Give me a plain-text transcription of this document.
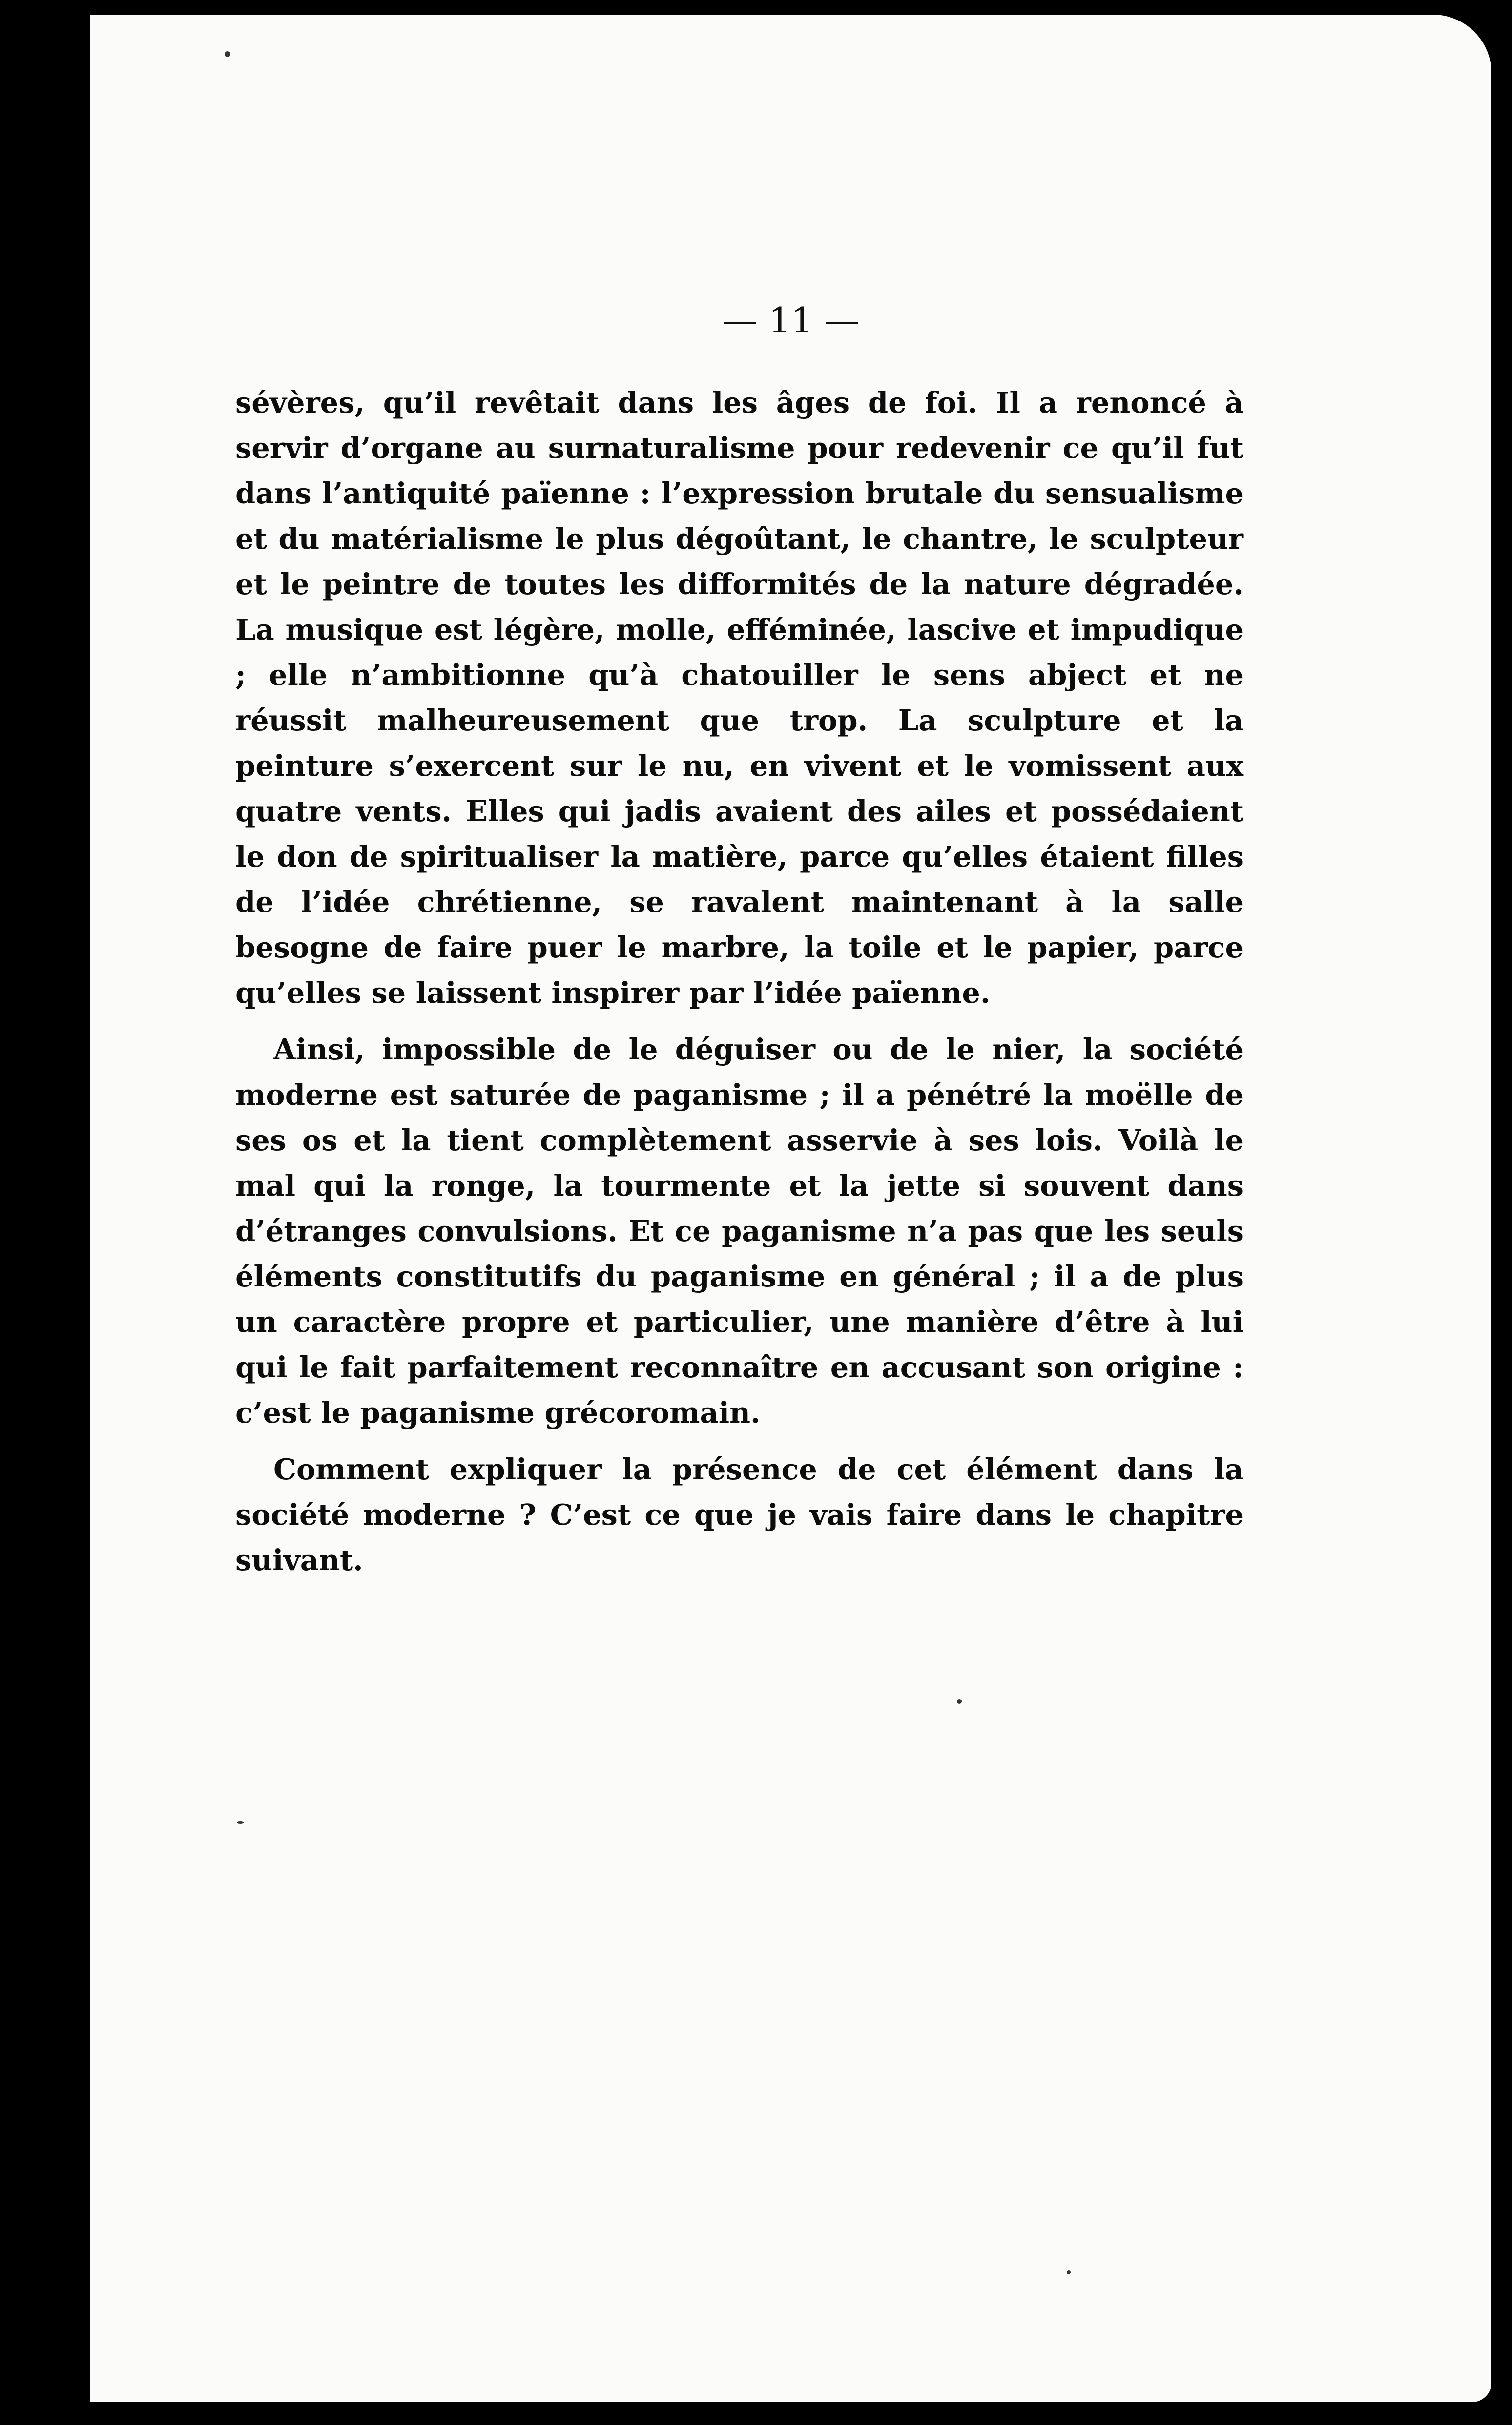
— 11 —

sévères, qu’il revêtait dans les âges de foi. Il a renoncé à servir d’organe au surnaturalisme pour redevenir ce qu’il fut dans l’antiquité païenne : l’expression brutale du sensualisme et du matérialisme le plus dégoûtant, le chantre, le sculpteur et le peintre de toutes les difformités de la nature dégradée. La musique est légère, molle, efféminée, lascive et impudique ; elle n’ambitionne qu’à chatouiller le sens abject et ne réussit malheureusement que trop. La sculpture et la peinture s’exercent sur le nu, en vivent et le vomissent aux quatre vents. Elles qui jadis avaient des ailes et possédaient le don de spiritualiser la matière, parce qu’elles étaient filles de l’idée chrétienne, se ravalent maintenant à la salle besogne de faire puer le marbre, la toile et le papier, parce qu’elles se laissent inspirer par l’idée païenne.

Ainsi, impossible de le déguiser ou de le nier, la société moderne est saturée de paganisme ; il a pénétré la moëlle de ses os et la tient complètement asservie à ses lois. Voilà le mal qui la ronge, la tourmente et la jette si souvent dans d’étranges convulsions. Et ce paganisme n’a pas que les seuls éléments constitutifs du paganisme en général ; il a de plus un caractère propre et particulier, une manière d’être à lui qui le fait parfaitement reconnaître en accusant son origine : c’est le paganisme grécoromain.

Comment expliquer la présence de cet élément dans la société moderne ? C’est ce que je vais faire dans le chapitre suivant.
